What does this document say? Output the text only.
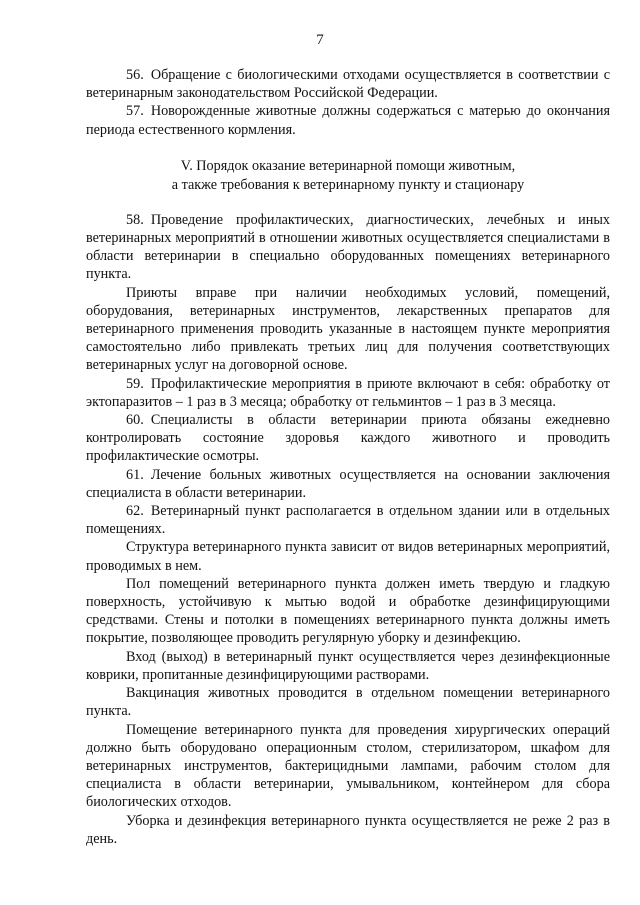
7

56. Обращение с биологическими отходами осуществляется в соответствии с ветеринарным законодательством Российской Федерации.

57. Новорожденные животные должны содержаться с матерью до окончания периода естественного кормления.

V. Порядок оказание ветеринарной помощи животным,
а также требования к ветеринарному пункту и стационару

58. Проведение профилактических, диагностических, лечебных и иных ветеринарных мероприятий в отношении животных осуществляется специалистами в области ветеринарии в специально оборудованных помещениях ветеринарного пункта.

Приюты вправе при наличии необходимых условий, помещений, оборудования, ветеринарных инструментов, лекарственных препаратов для ветеринарного применения проводить указанные в настоящем пункте мероприятия самостоятельно либо привлекать третьих лиц для получения соответствующих ветеринарных услуг на договорной основе.

59. Профилактические мероприятия в приюте включают в себя: обработку от эктопаразитов – 1 раз в 3 месяца; обработку от гельминтов – 1 раз в 3 месяца.

60. Специалисты в области ветеринарии приюта обязаны ежедневно контролировать состояние здоровья каждого животного и проводить профилактические осмотры.

61. Лечение больных животных осуществляется на основании заключения специалиста в области ветеринарии.

62. Ветеринарный пункт располагается в отдельном здании или в отдельных помещениях.

Структура ветеринарного пункта зависит от видов ветеринарных мероприятий, проводимых в нем.

Пол помещений ветеринарного пункта должен иметь твердую и гладкую поверхность, устойчивую к мытью водой и обработке дезинфицирующими средствами. Стены и потолки в помещениях ветеринарного пункта должны иметь покрытие, позволяющее проводить регулярную уборку и дезинфекцию.

Вход (выход) в ветеринарный пункт осуществляется через дезинфекционные коврики, пропитанные дезинфицирующими растворами.

Вакцинация животных проводится в отдельном помещении ветеринарного пункта.

Помещение ветеринарного пункта для проведения хирургических операций должно быть оборудовано операционным столом, стерилизатором, шкафом для ветеринарных инструментов, бактерицидными лампами, рабочим столом для специалиста в области ветеринарии, умывальником, контейнером для сбора биологических отходов.

Уборка и дезинфекция ветеринарного пункта осуществляется не реже 2 раз в день.
